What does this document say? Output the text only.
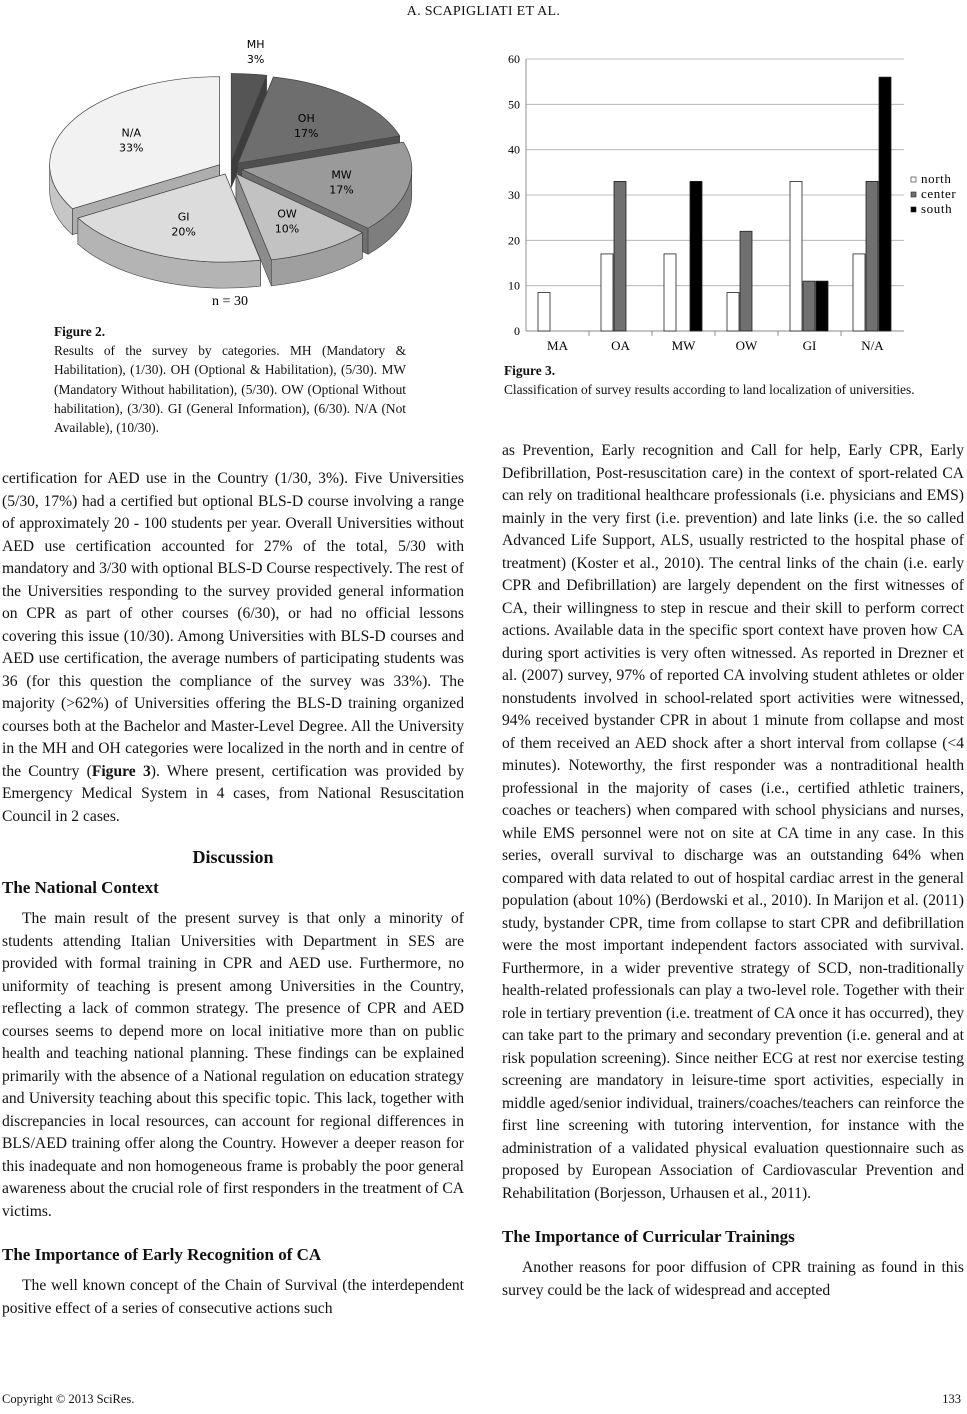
A. SCAPIGLIATI ET AL.
MH
3%
OH
17%
MW
17%
OW
10%
GI
20%
N/A
33%
n = 30
Figure 2.
Results of the survey by categories. MH (Mandatory & Habilitation), (1/30). OH (Optional & Habilitation), (5/30). MW (Mandatory Without habilitation), (5/30). OW (Optional Without habilitation), (3/30). GI (General Information), (6/30). N/A (Not Available), (10/30).
0
10
20
30
40
50
60
MA	OA	MW	OW	GI	N/A
north
center
south
Figure 3.
Classification of survey results according to land localization of universities.

certification for AED use in the Country (1/30, 3%). Five Universities (5/30, 17%) had a certified but optional BLS-D course involving a range of approximately 20 - 100 students per year. Overall Universities without AED use certification accounted for 27% of the total, 5/30 with mandatory and 3/30 with optional BLS-D Course respectively. The rest of the Universities responding to the survey provided general information on CPR as part of other courses (6/30), or had no official lessons covering this issue (10/30). Among Universities with BLS-D courses and AED use certification, the average numbers of participating students was 36 (for this question the compliance of the survey was 33%). The majority (>62%) of Universities offering the BLS-D training organized courses both at the Bachelor and Master-Level Degree. All the University in the MH and OH categories were localized in the north and in centre of the Country (Figure 3). Where present, certification was provided by Emergency Medical System in 4 cases, from National Resuscitation Council in 2 cases.

Discussion
The National Context

The main result of the present survey is that only a minority of students attending Italian Universities with Department in SES are provided with formal training in CPR and AED use. Furthermore, no uniformity of teaching is present among Universities in the Country, reflecting a lack of common strategy. The presence of CPR and AED courses seems to depend more on local initiative more than on public health and teaching national planning. These findings can be explained primarily with the absence of a National regulation on education strategy and University teaching about this specific topic. This lack, together with discrepancies in local resources, can account for regional differences in BLS/AED training offer along the Country. However a deeper reason for this inadequate and non homogeneous frame is probably the poor general awareness about the crucial role of first responders in the treatment of CA victims.

The Importance of Early Recognition of CA

The well known concept of the Chain of Survival (the interdependent positive effect of a series of consecutive actions such

as Prevention, Early recognition and Call for help, Early CPR, Early Defibrillation, Post-resuscitation care) in the context of sport-related CA can rely on traditional healthcare professionals (i.e. physicians and EMS) mainly in the very first (i.e. prevention) and late links (i.e. the so called Advanced Life Support, ALS, usually restricted to the hospital phase of treatment) (Koster et al., 2010). The central links of the chain (i.e. early CPR and Defibrillation) are largely dependent on the first witnesses of CA, their willingness to step in rescue and their skill to perform correct actions. Available data in the specific sport context have proven how CA during sport activities is very often witnessed. As reported in Drezner et al. (2007) survey, 97% of reported CA involving student athletes or older nonstudents involved in school-related sport activities were witnessed, 94% received bystander CPR in about 1 minute from collapse and most of them received an AED shock after a short interval from collapse (<4 minutes). Noteworthy, the first responder was a nontraditional health professional in the majority of cases (i.e., certified athletic trainers, coaches or teachers) when compared with school physicians and nurses, while EMS personnel were not on site at CA time in any case. In this series, overall survival to discharge was an outstanding 64% when compared with data related to out of hospital cardiac arrest in the general population (about 10%) (Berdowski et al., 2010). In Marijon et al. (2011) study, bystander CPR, time from collapse to start CPR and defibrillation were the most important independent factors associated with survival. Furthermore, in a wider preventive strategy of SCD, non-traditionally health-related professionals can play a two-level role. Together with their role in tertiary prevention (i.e. treatment of CA once it has occurred), they can take part to the primary and secondary prevention (i.e. general and at risk population screening). Since neither ECG at rest nor exercise testing screening are mandatory in leisure-time sport activities, especially in middle aged/senior individual, trainers/coaches/teachers can reinforce the first line screening with tutoring intervention, for instance with the administration of a validated physical evaluation questionnaire such as proposed by European Association of Cardiovascular Prevention and Rehabilitation (Borjesson, Urhausen et al., 2011).

The Importance of Curricular Trainings

Another reasons for poor diffusion of CPR training as found in this survey could be the lack of widespread and accepted

Copyright © 2013 SciRes.	133
